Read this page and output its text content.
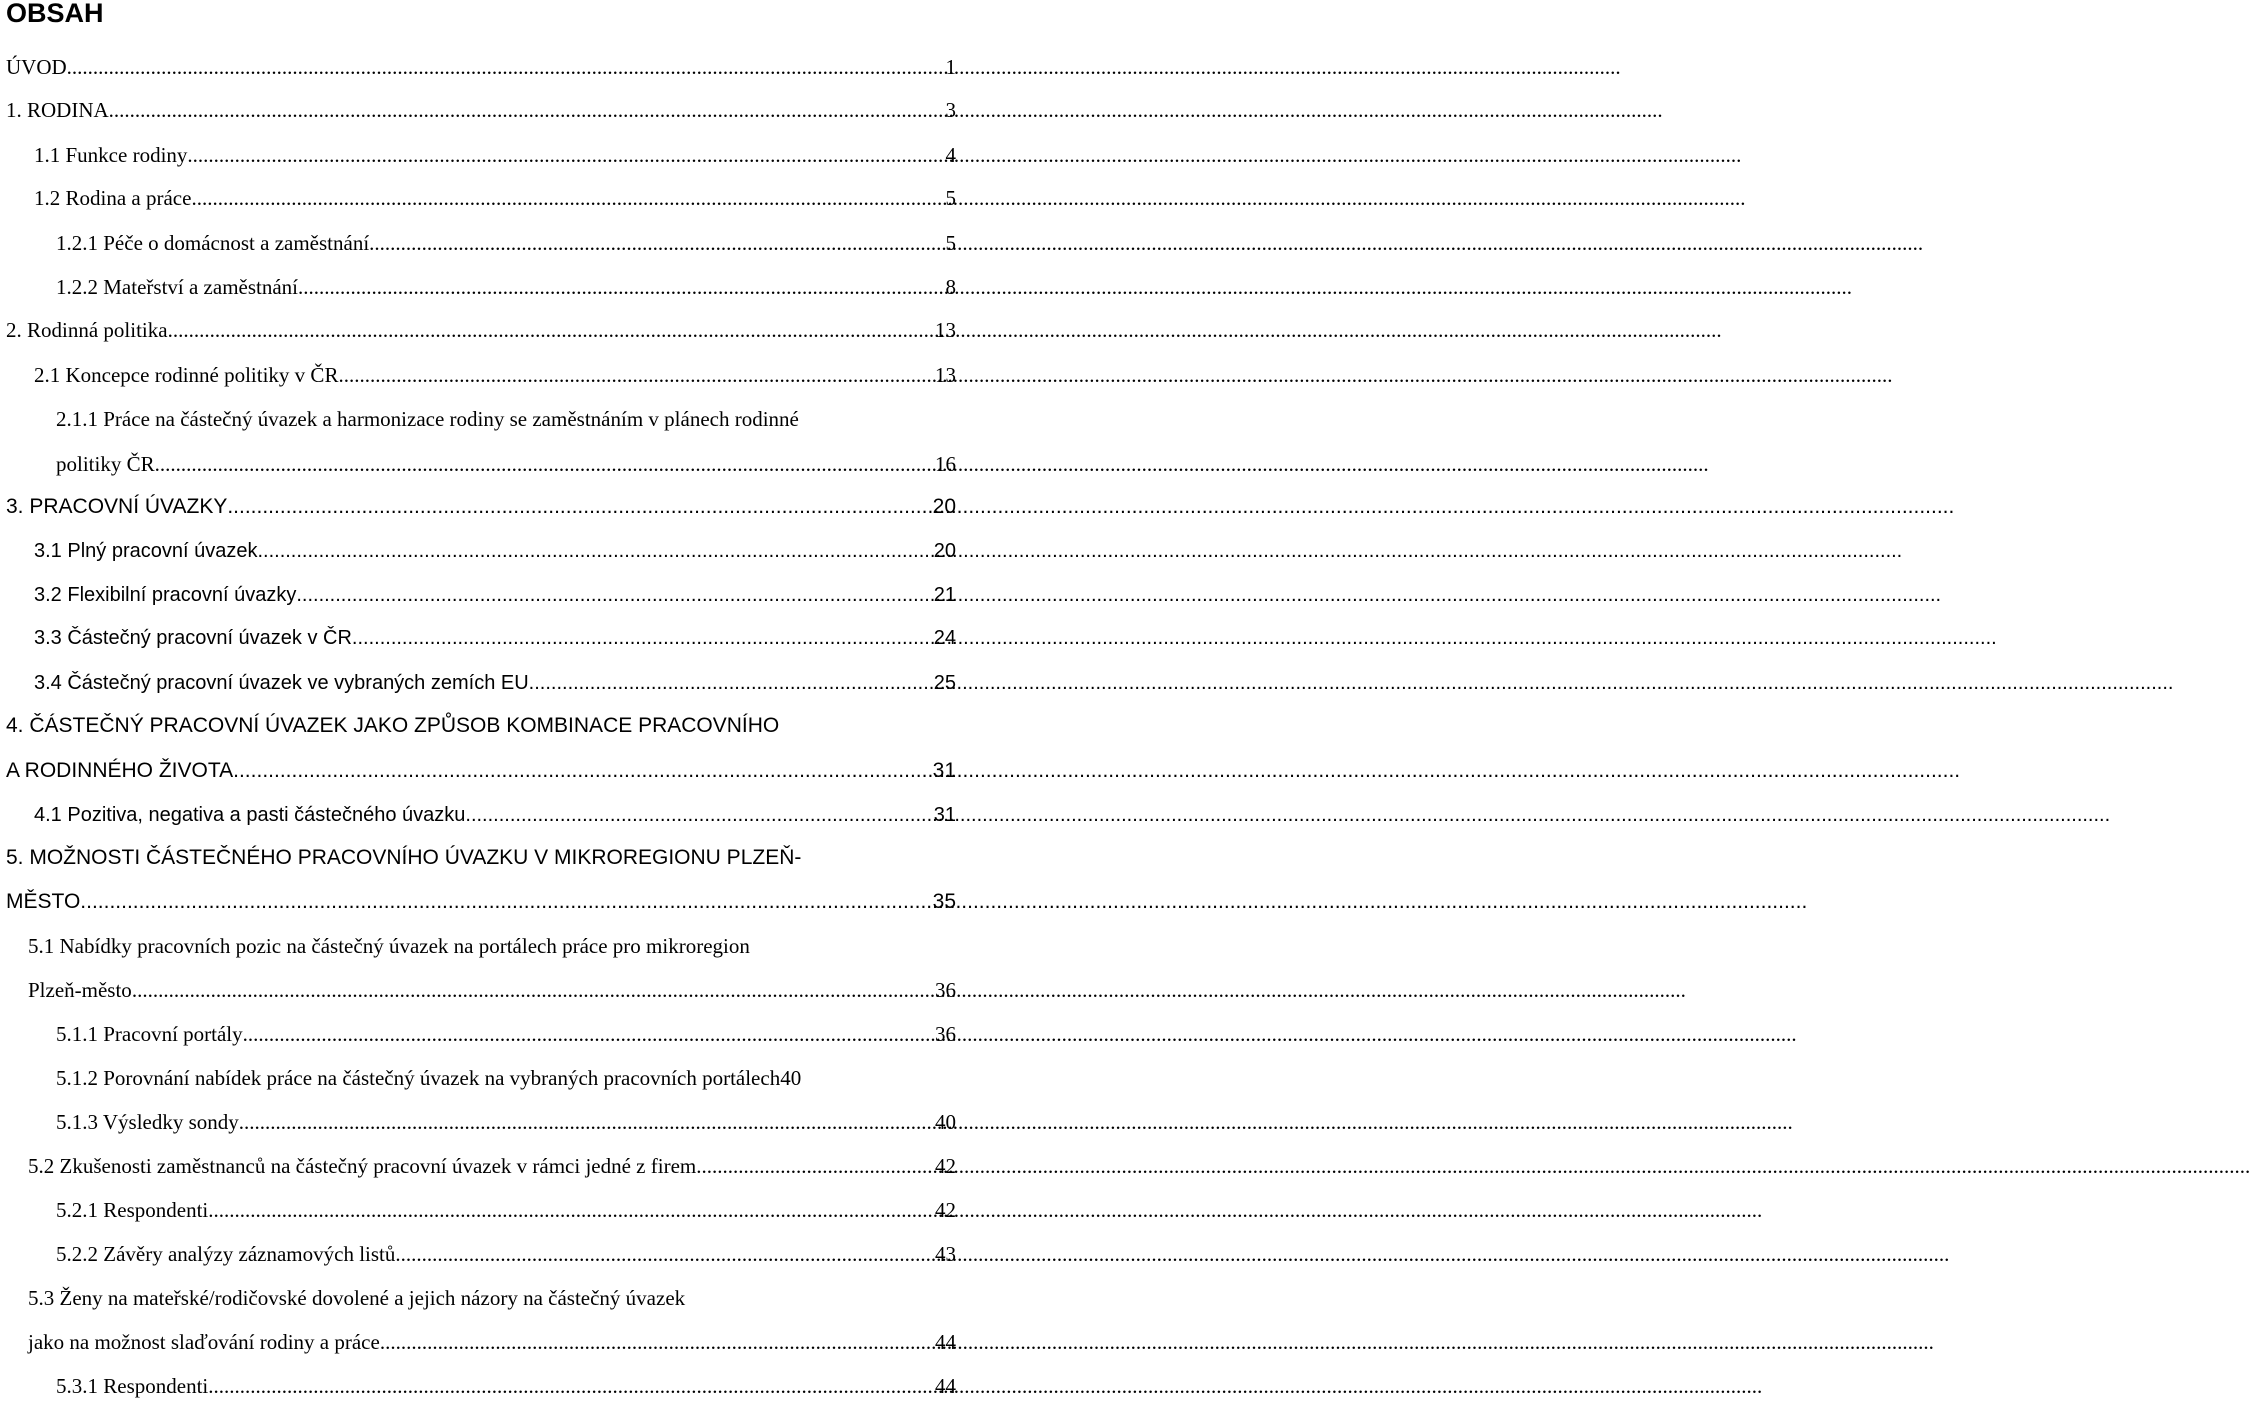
OBSAH
ÚVOD .....	1
1. RODINA .....	3
1.1 Funkce rodiny .....	4
1.2 Rodina a práce .....	5
1.2.1 Péče o domácnost a zaměstnání .....	5
1.2.2 Mateřství a zaměstnání .....	8
2. Rodinná politika .....	13
2.1 Koncepce rodinné politiky v ČR .....	13
2.1.1 Práce na částečný úvazek a harmonizace rodiny se zaměstnáním v plánech rodinné
politiky ČR .....	16
3. PRACOVNÍ ÚVAZKY .....	20
3.1 Plný pracovní úvazek .....	20
3.2 Flexibilní pracovní úvazky .....	21
3.3 Částečný pracovní úvazek v ČR .....	24
3.4 Částečný pracovní úvazek ve vybraných zemích EU .....	25
4. ČÁSTEČNÝ PRACOVNÍ ÚVAZEK JAKO ZPŮSOB KOMBINACE PRACOVNÍHO
A RODINNÉHO ŽIVOTA .....	31
4.1 Pozitiva, negativa a pasti částečného úvazku .....	31
5. MOŽNOSTI ČÁSTEČNÉHO PRACOVNÍHO ÚVAZKU V MIKROREGIONU PLZEŇ-
MĚSTO .....	35
5.1 Nabídky pracovních pozic na částečný úvazek na portálech práce pro mikroregion
Plzeň-město .....	36
5.1.1 Pracovní portály .....	36
5.1.2 Porovnání nabídek práce na částečný úvazek na vybraných pracovních portálech 40
5.1.3 Výsledky sondy .....	40
5.2 Zkušenosti zaměstnanců na částečný pracovní úvazek v rámci jedné z firem .....	42
5.2.1 Respondenti .....	42
5.2.2 Závěry analýzy záznamových listů .....	43
5.3 Ženy na mateřské/rodičovské dovolené a jejich názory na částečný úvazek
jako na možnost slaďování rodiny a práce .....	44
5.3.1 Respondenti .....	44
